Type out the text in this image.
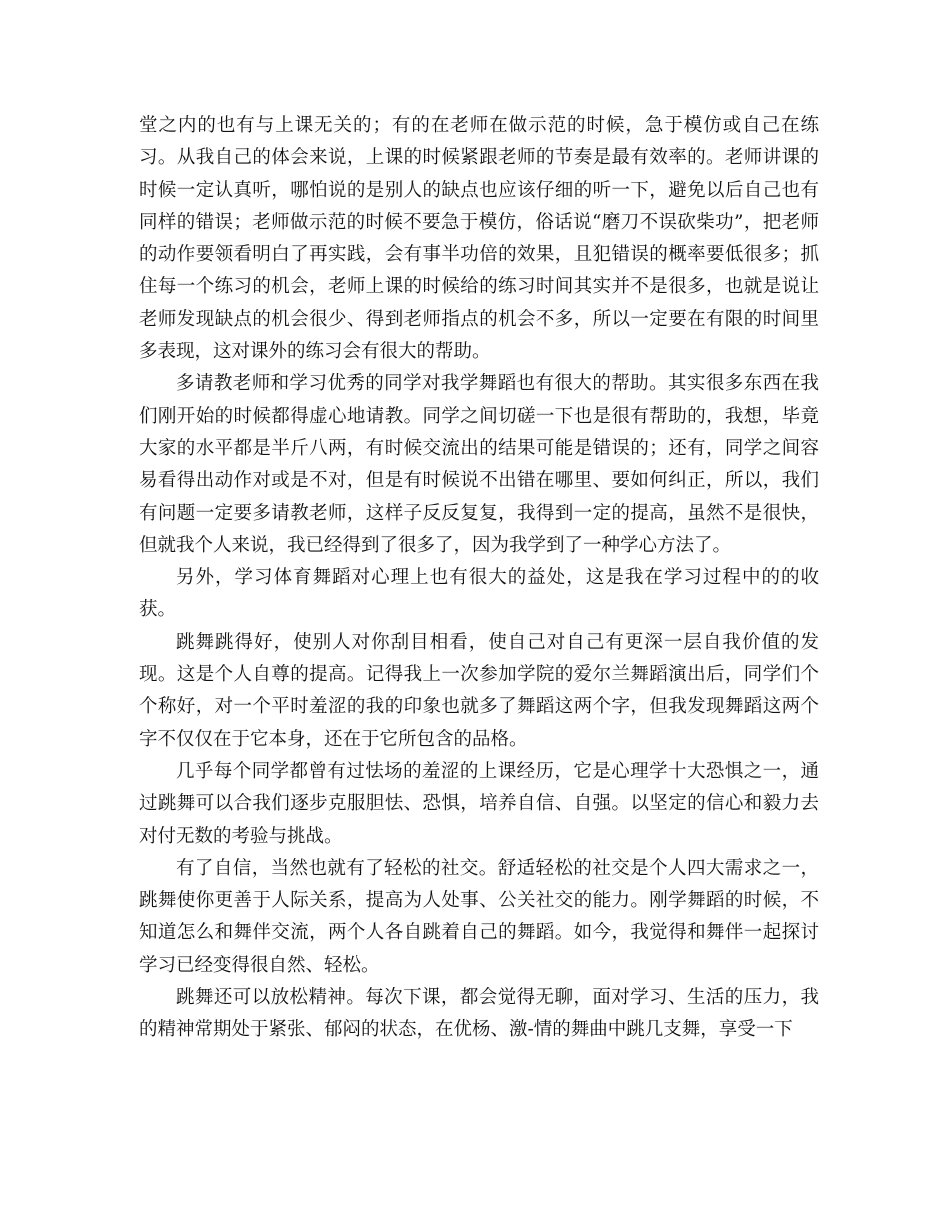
堂之内的也有与上课无关的；有的在老师在做示范的时候，急于模仿或自己在练习。从我自己的体会来说，上课的时候紧跟老师的节奏是最有效率的。老师讲课的时候一定认真听，哪怕说的是别人的缺点也应该仔细的听一下，避免以后自己也有同样的错误；老师做示范的时候不要急于模仿，俗话说“磨刀不误砍柴功”，把老师的动作要领看明白了再实践，会有事半功倍的效果，且犯错误的概率要低很多；抓住每一个练习的机会，老师上课的时候给的练习时间其实并不是很多，也就是说让老师发现缺点的机会很少、得到老师指点的机会不多，所以一定要在有限的时间里多表现，这对课外的练习会有很大的帮助。

多请教老师和学习优秀的同学对我学舞蹈也有很大的帮助。其实很多东西在我们刚开始的时候都得虚心地请教。同学之间切磋一下也是很有帮助的，我想，毕竟大家的水平都是半斤八两，有时候交流出的结果可能是错误的；还有，同学之间容易看得出动作对或是不对，但是有时候说不出错在哪里、要如何纠正，所以，我们有问题一定要多请教老师，这样子反反复复，我得到一定的提高，虽然不是很快，但就我个人来说，我已经得到了很多了，因为我学到了一种学心方法了。

另外，学习体育舞蹈对心理上也有很大的益处，这是我在学习过程中的的收获。

跳舞跳得好，使别人对你刮目相看，使自己对自己有更深一层自我价值的发现。这是个人自尊的提高。记得我上一次参加学院的爱尔兰舞蹈演出后，同学们个个称好，对一个平时羞涩的我的印象也就多了舞蹈这两个字，但我发现舞蹈这两个字不仅仅在于它本身，还在于它所包含的品格。

几乎每个同学都曾有过怯场的羞涩的上课经历，它是心理学十大恐惧之一，通过跳舞可以合我们逐步克服胆怯、恐惧，培养自信、自强。以坚定的信心和毅力去对付无数的考验与挑战。

有了自信，当然也就有了轻松的社交。舒适轻松的社交是个人四大需求之一，跳舞使你更善于人际关系，提高为人处事、公关社交的能力。刚学舞蹈的时候，不知道怎么和舞伴交流，两个人各自跳着自己的舞蹈。如今，我觉得和舞伴一起探讨学习已经变得很自然、轻松。

跳舞还可以放松精神。每次下课，都会觉得无聊，面对学习、生活的压力，我的精神常期处于紧张、郁闷的状态，在优杨、激-情的舞曲中跳几支舞，享受一下
